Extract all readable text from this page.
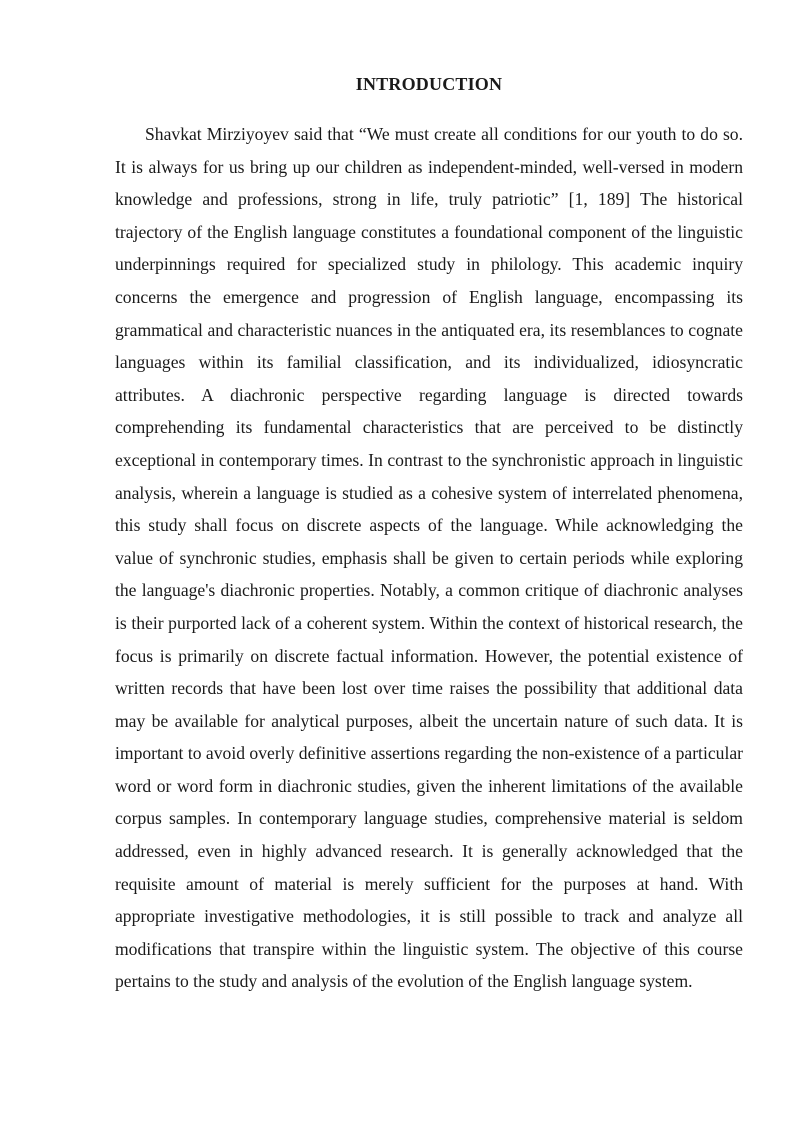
INTRODUCTION

Shavkat Mirziyoyev said that “We must create all conditions for our youth to do so. It is always for us bring up our children as independent-minded, well-versed in modern knowledge and professions, strong in life, truly patriotic” [1, 189] The historical trajectory of the English language constitutes a foundational component of the linguistic underpinnings required for specialized study in philology. This academic inquiry concerns the emergence and progression of English language, encompassing its grammatical and characteristic nuances in the antiquated era, its resemblances to cognate languages within its familial classification, and its individualized, idiosyncratic attributes. A diachronic perspective regarding language is directed towards comprehending its fundamental characteristics that are perceived to be distinctly exceptional in contemporary times. In contrast to the synchronistic approach in linguistic analysis, wherein a language is studied as a cohesive system of interrelated phenomena, this study shall focus on discrete aspects of the language. While acknowledging the value of synchronic studies, emphasis shall be given to certain periods while exploring the language's diachronic properties. Notably, a common critique of diachronic analyses is their purported lack of a coherent system. Within the context of historical research, the focus is primarily on discrete factual information. However, the potential existence of written records that have been lost over time raises the possibility that additional data may be available for analytical purposes, albeit the uncertain nature of such data. It is important to avoid overly definitive assertions regarding the non-existence of a particular word or word form in diachronic studies, given the inherent limitations of the available corpus samples. In contemporary language studies, comprehensive material is seldom addressed, even in highly advanced research. It is generally acknowledged that the requisite amount of material is merely sufficient for the purposes at hand. With appropriate investigative methodologies, it is still possible to track and analyze all modifications that transpire within the linguistic system. The objective of this course pertains to the study and analysis of the evolution of the English language system.
